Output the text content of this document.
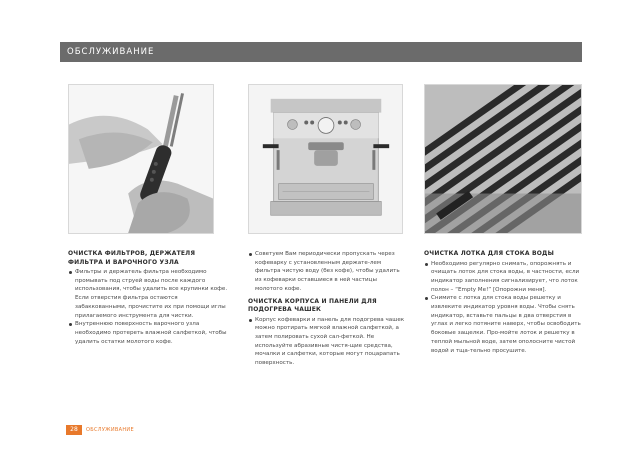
ОБСЛУЖИВАНИЕ

ОЧИСТКА ФИЛЬТРОВ, ДЕРЖАТЕЛЯ ФИЛЬТРА И ВАРОЧНОГО УЗЛА

Фильтры и держатель фильтра необходимо промывать под струей воды после каждого использования, чтобы удалить все крупинки кофе. Если отверстия фильтра остаются забаккованными, прочистите их при помощи иглы прилагаемого инструмента для чистки.

Внутреннюю поверхность варочного узла необходимо протереть влажной салфеткой, чтобы удалить остатки молотого кофе.

Советуем Вам периодически пропускать через кофеварку с установленным держате-лем фильтра чистую воду (без кофе), чтобы удалить из кофеварки оставшиеся в ней частицы молотого кофе.

ОЧИСТКА КОРПУСА И ПАНЕЛИ ДЛЯ ПОДОГРЕВА ЧАШЕК

Корпус кофеварки и панель для подогрева чашек можно протирать мягкой влажной салфеткой, а затем полировать сухой сал-феткой. Не используйте абразивные чистя-щие средства, мочалки и салфетки, которые могут поцарапать поверхность.

ОЧИСТКА ЛОТКА ДЛЯ СТОКА ВОДЫ

Необходимо регулярно снимать, опорожнять и очищать лоток для стока воды, в частности, если индикатор заполнения сигнализирует, что лоток полон – “Empty Me!” [Опорожни меня].

Снимите с лотка для стока воды решетку и извлеките индикатор уровня воды. Чтобы снять индикатор, вставьте пальцы в два отверстия в углах и легко потяните наверх, чтобы освободить боковые защелки. Про-мойте лоток и решетку в теплой мыльной воде, затем ополосните чистой водой и тща-тельно просушите.

28	ОБСЛУЖИВАНИЕ
